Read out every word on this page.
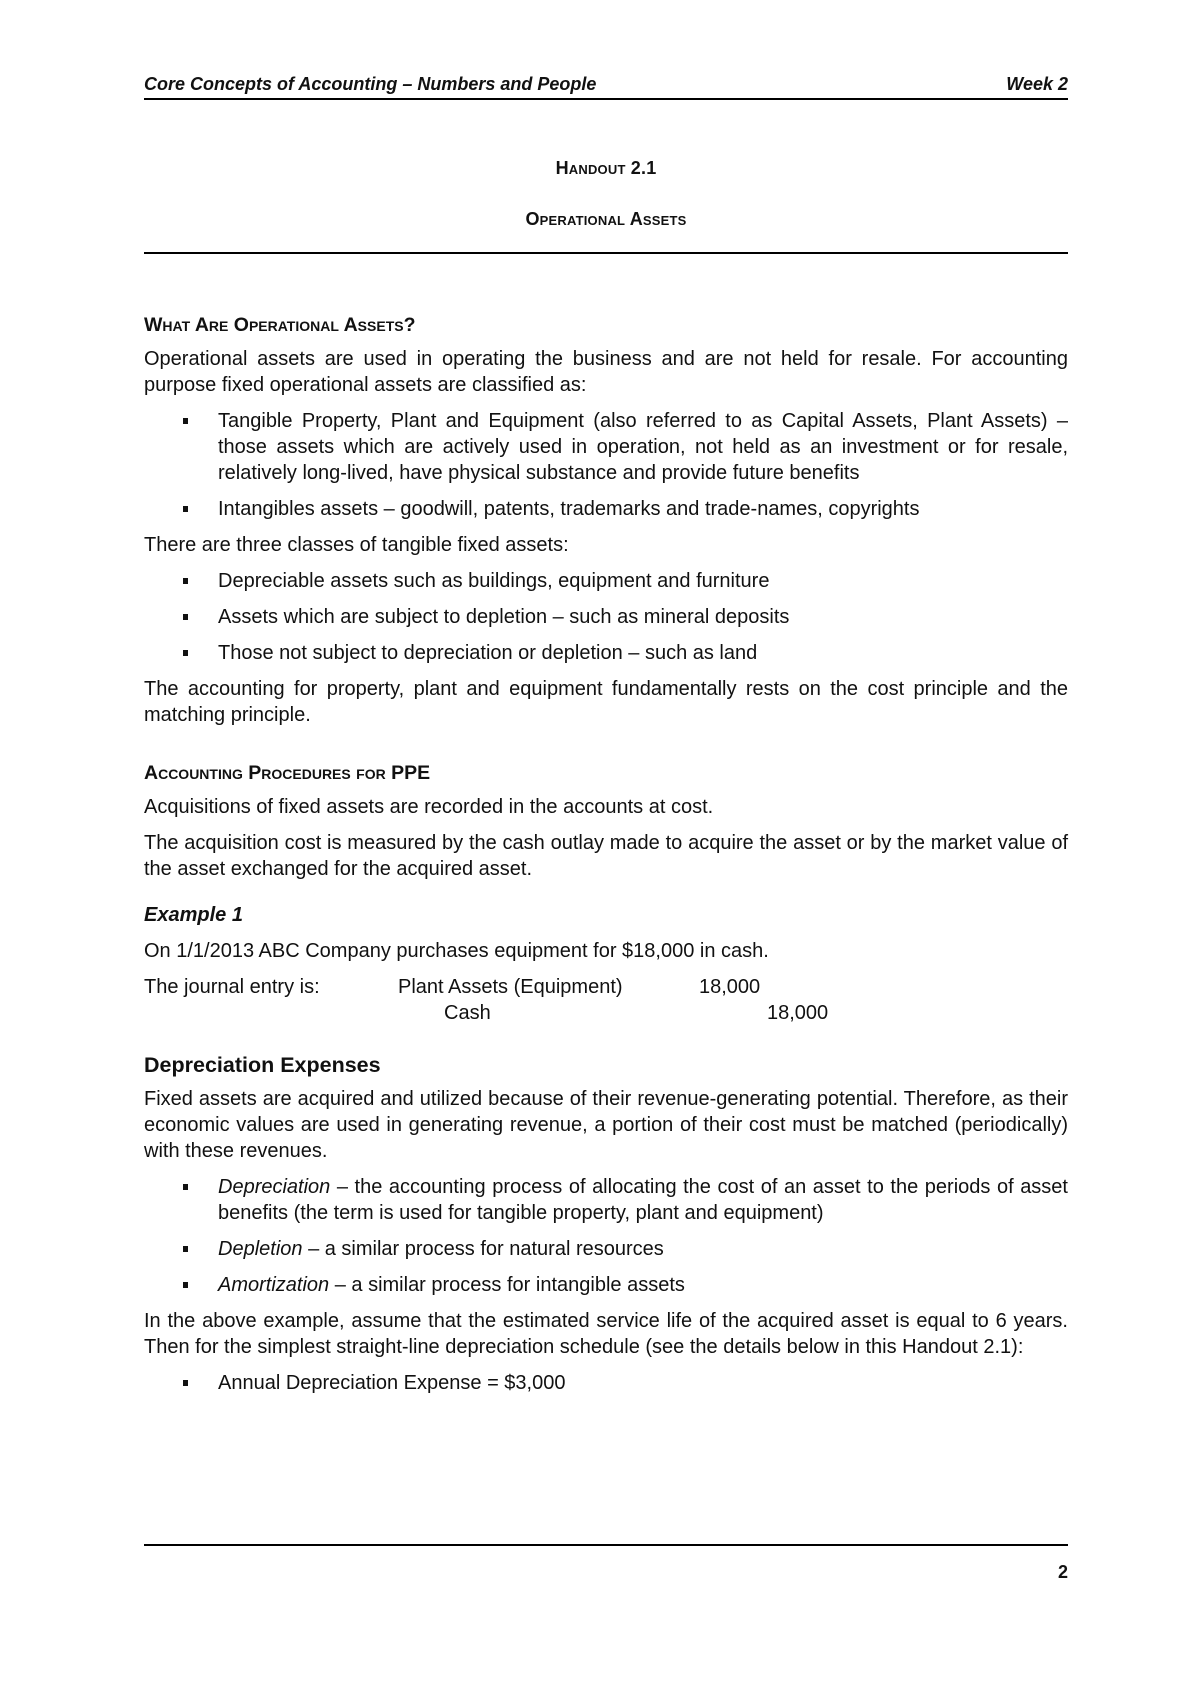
Core Concepts of Accounting – Numbers and People	Week 2
Handout 2.1
Operational Assets
What Are Operational Assets?

Operational assets are used in operating the business and are not held for resale. For accounting purpose fixed operational assets are classified as:

Tangible Property, Plant and Equipment (also referred to as Capital Assets, Plant Assets) – those assets which are actively used in operation, not held as an investment or for resale, relatively long-lived, have physical substance and provide future benefits
Intangibles assets – goodwill, patents, trademarks and trade-names, copyrights

There are three classes of tangible fixed assets:

Depreciable assets such as buildings, equipment and furniture
Assets which are subject to depletion – such as mineral deposits
Those not subject to depreciation or depletion – such as land

The accounting for property, plant and equipment fundamentally rests on the cost principle and the matching principle.

Accounting Procedures for PPE

Acquisitions of fixed assets are recorded in the accounts at cost.

The acquisition cost is measured by the cash outlay made to acquire the asset or by the market value of the asset exchanged for the acquired asset.

Example 1

On 1/1/2013 ABC Company purchases equipment for $18,000 in cash.

The journal entry is:	Plant Assets (Equipment)	18,000
Cash	18,000
Depreciation Expenses

Fixed assets are acquired and utilized because of their revenue-generating potential. Therefore, as their economic values are used in generating revenue, a portion of their cost must be matched (periodically) with these revenues.

Depreciation – the accounting process of allocating the cost of an asset to the periods of asset benefits (the term is used for tangible property, plant and equipment)
Depletion – a similar process for natural resources
Amortization – a similar process for intangible assets

In the above example, assume that the estimated service life of the acquired asset is equal to 6 years. Then for the simplest straight-line depreciation schedule (see the details below in this Handout 2.1):

Annual Depreciation Expense = $3,000
2
